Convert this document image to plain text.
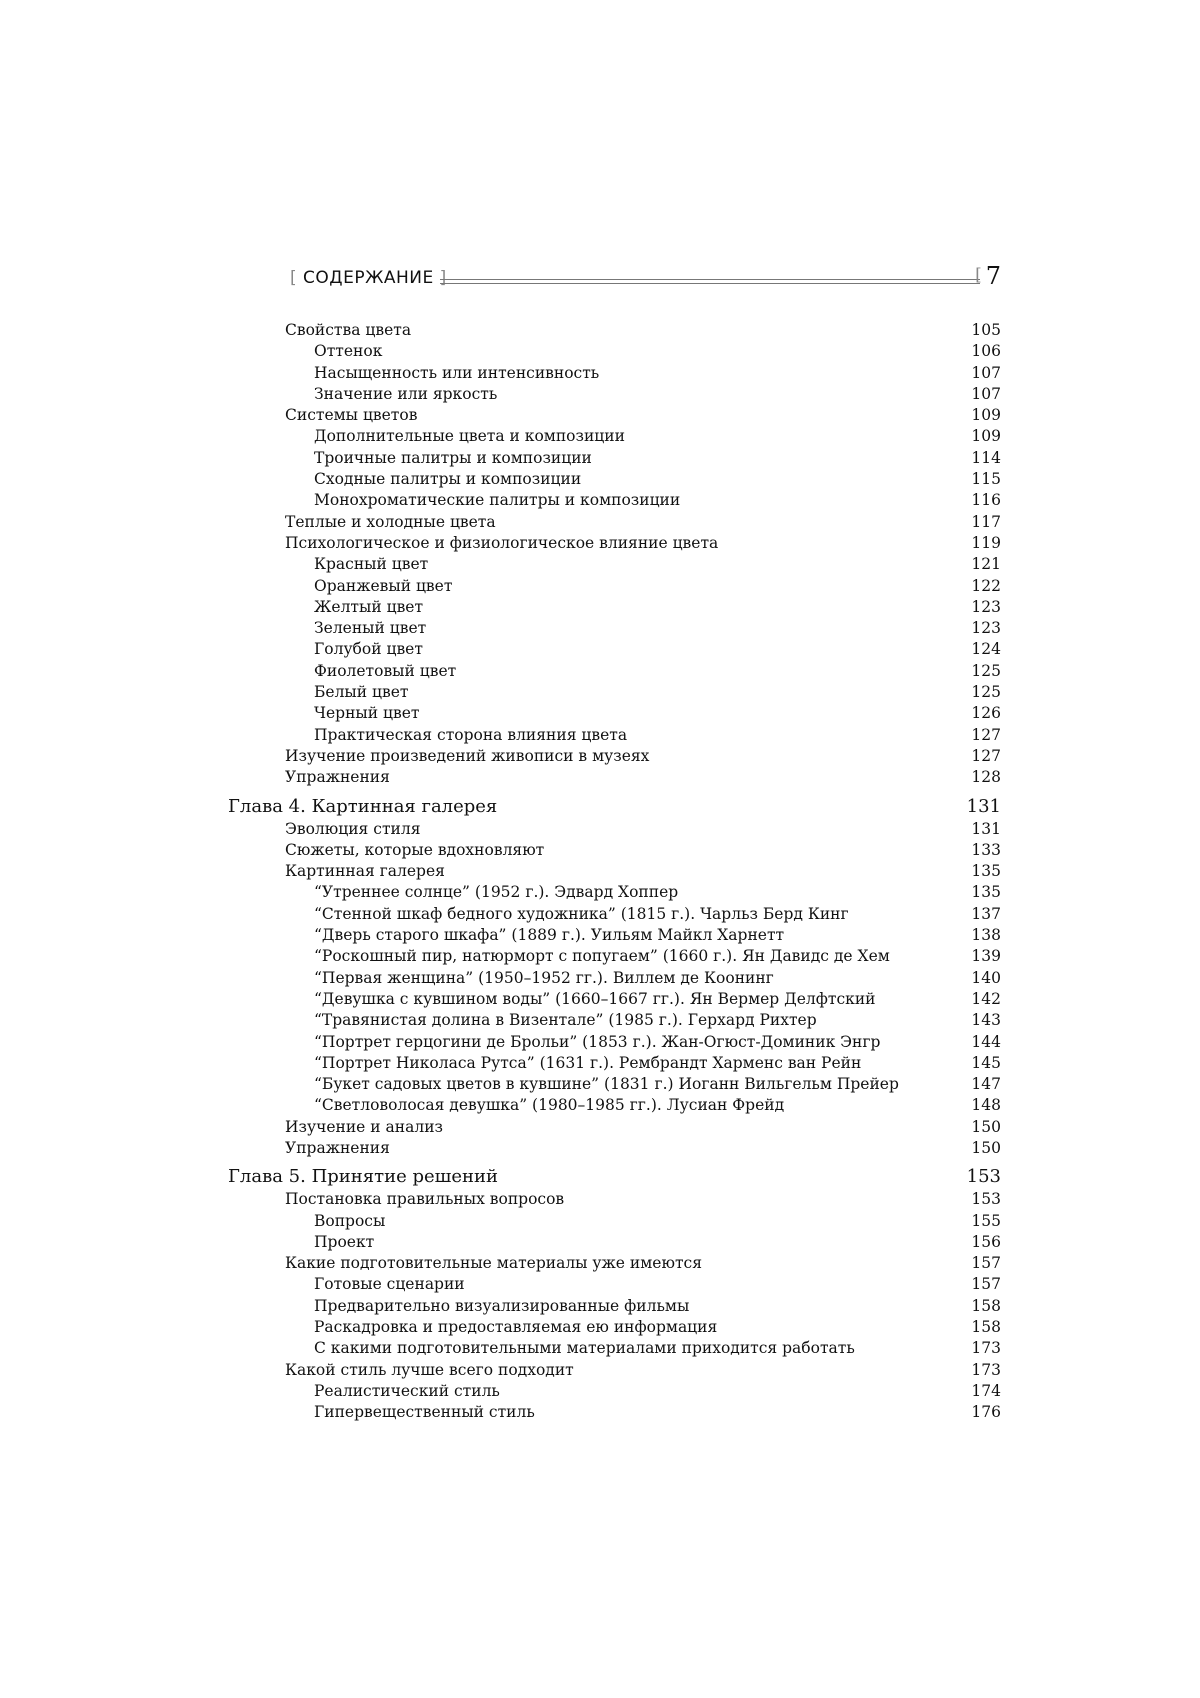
[ СОДЕРЖАНИЕ ]	[ 7
Свойства цвета	105
Оттенок	106
Насыщенность или интенсивность	107
Значение или яркость	107
Системы цветов	109
Дополнительные цвета и композиции	109
Троичные палитры и композиции	114
Сходные палитры и композиции	115
Монохроматические палитры и композиции	116
Теплые и холодные цвета	117
Психологическое и физиологическое влияние цвета	119
Красный цвет	121
Оранжевый цвет	122
Желтый цвет	123
Зеленый цвет	123
Голубой цвет	124
Фиолетовый цвет	125
Белый цвет	125
Черный цвет	126
Практическая сторона влияния цвета	127
Изучение произведений живописи в музеях	127
Упражнения	128
Глава 4. Картинная галерея	131
Эволюция стиля	131
Сюжеты, которые вдохновляют	133
Картинная галерея	135
“Утреннее солнце” (1952 г.). Эдвард Хоппер	135
“Стенной шкаф бедного художника” (1815 г.). Чарльз Берд Кинг	137
“Дверь старого шкафа” (1889 г.). Уильям Майкл Харнетт	138
“Роскошный пир, натюрморт с попугаем” (1660 г.). Ян Давидс де Хем	139
“Первая женщина” (1950–1952 гг.). Виллем де Коонинг	140
“Девушка с кувшином воды” (1660–1667 гг.). Ян Вермер Делфтский	142
“Травянистая долина в Визентале” (1985 г.). Герхард Рихтер	143
“Портрет герцогини де Брольи” (1853 г.). Жан-Огюст-Доминик Энгр	144
“Портрет Николаса Рутса” (1631 г.). Рембрандт Харменс ван Рейн	145
“Букет садовых цветов в кувшине” (1831 г.) Иоганн Вильгельм Прейер	147
“Светловолосая девушка” (1980–1985 гг.). Лусиан Фрейд	148
Изучение и анализ	150
Упражнения	150
Глава 5. Принятие решений	153
Постановка правильных вопросов	153
Вопросы	155
Проект	156
Какие подготовительные материалы уже имеются	157
Готовые сценарии	157
Предварительно визуализированные фильмы	158
Раскадровка и предоставляемая ею информация	158
С какими подготовительными материалами приходится работать	173
Какой стиль лучше всего подходит	173
Реалистический стиль	174
Гипервещественный стиль	176
